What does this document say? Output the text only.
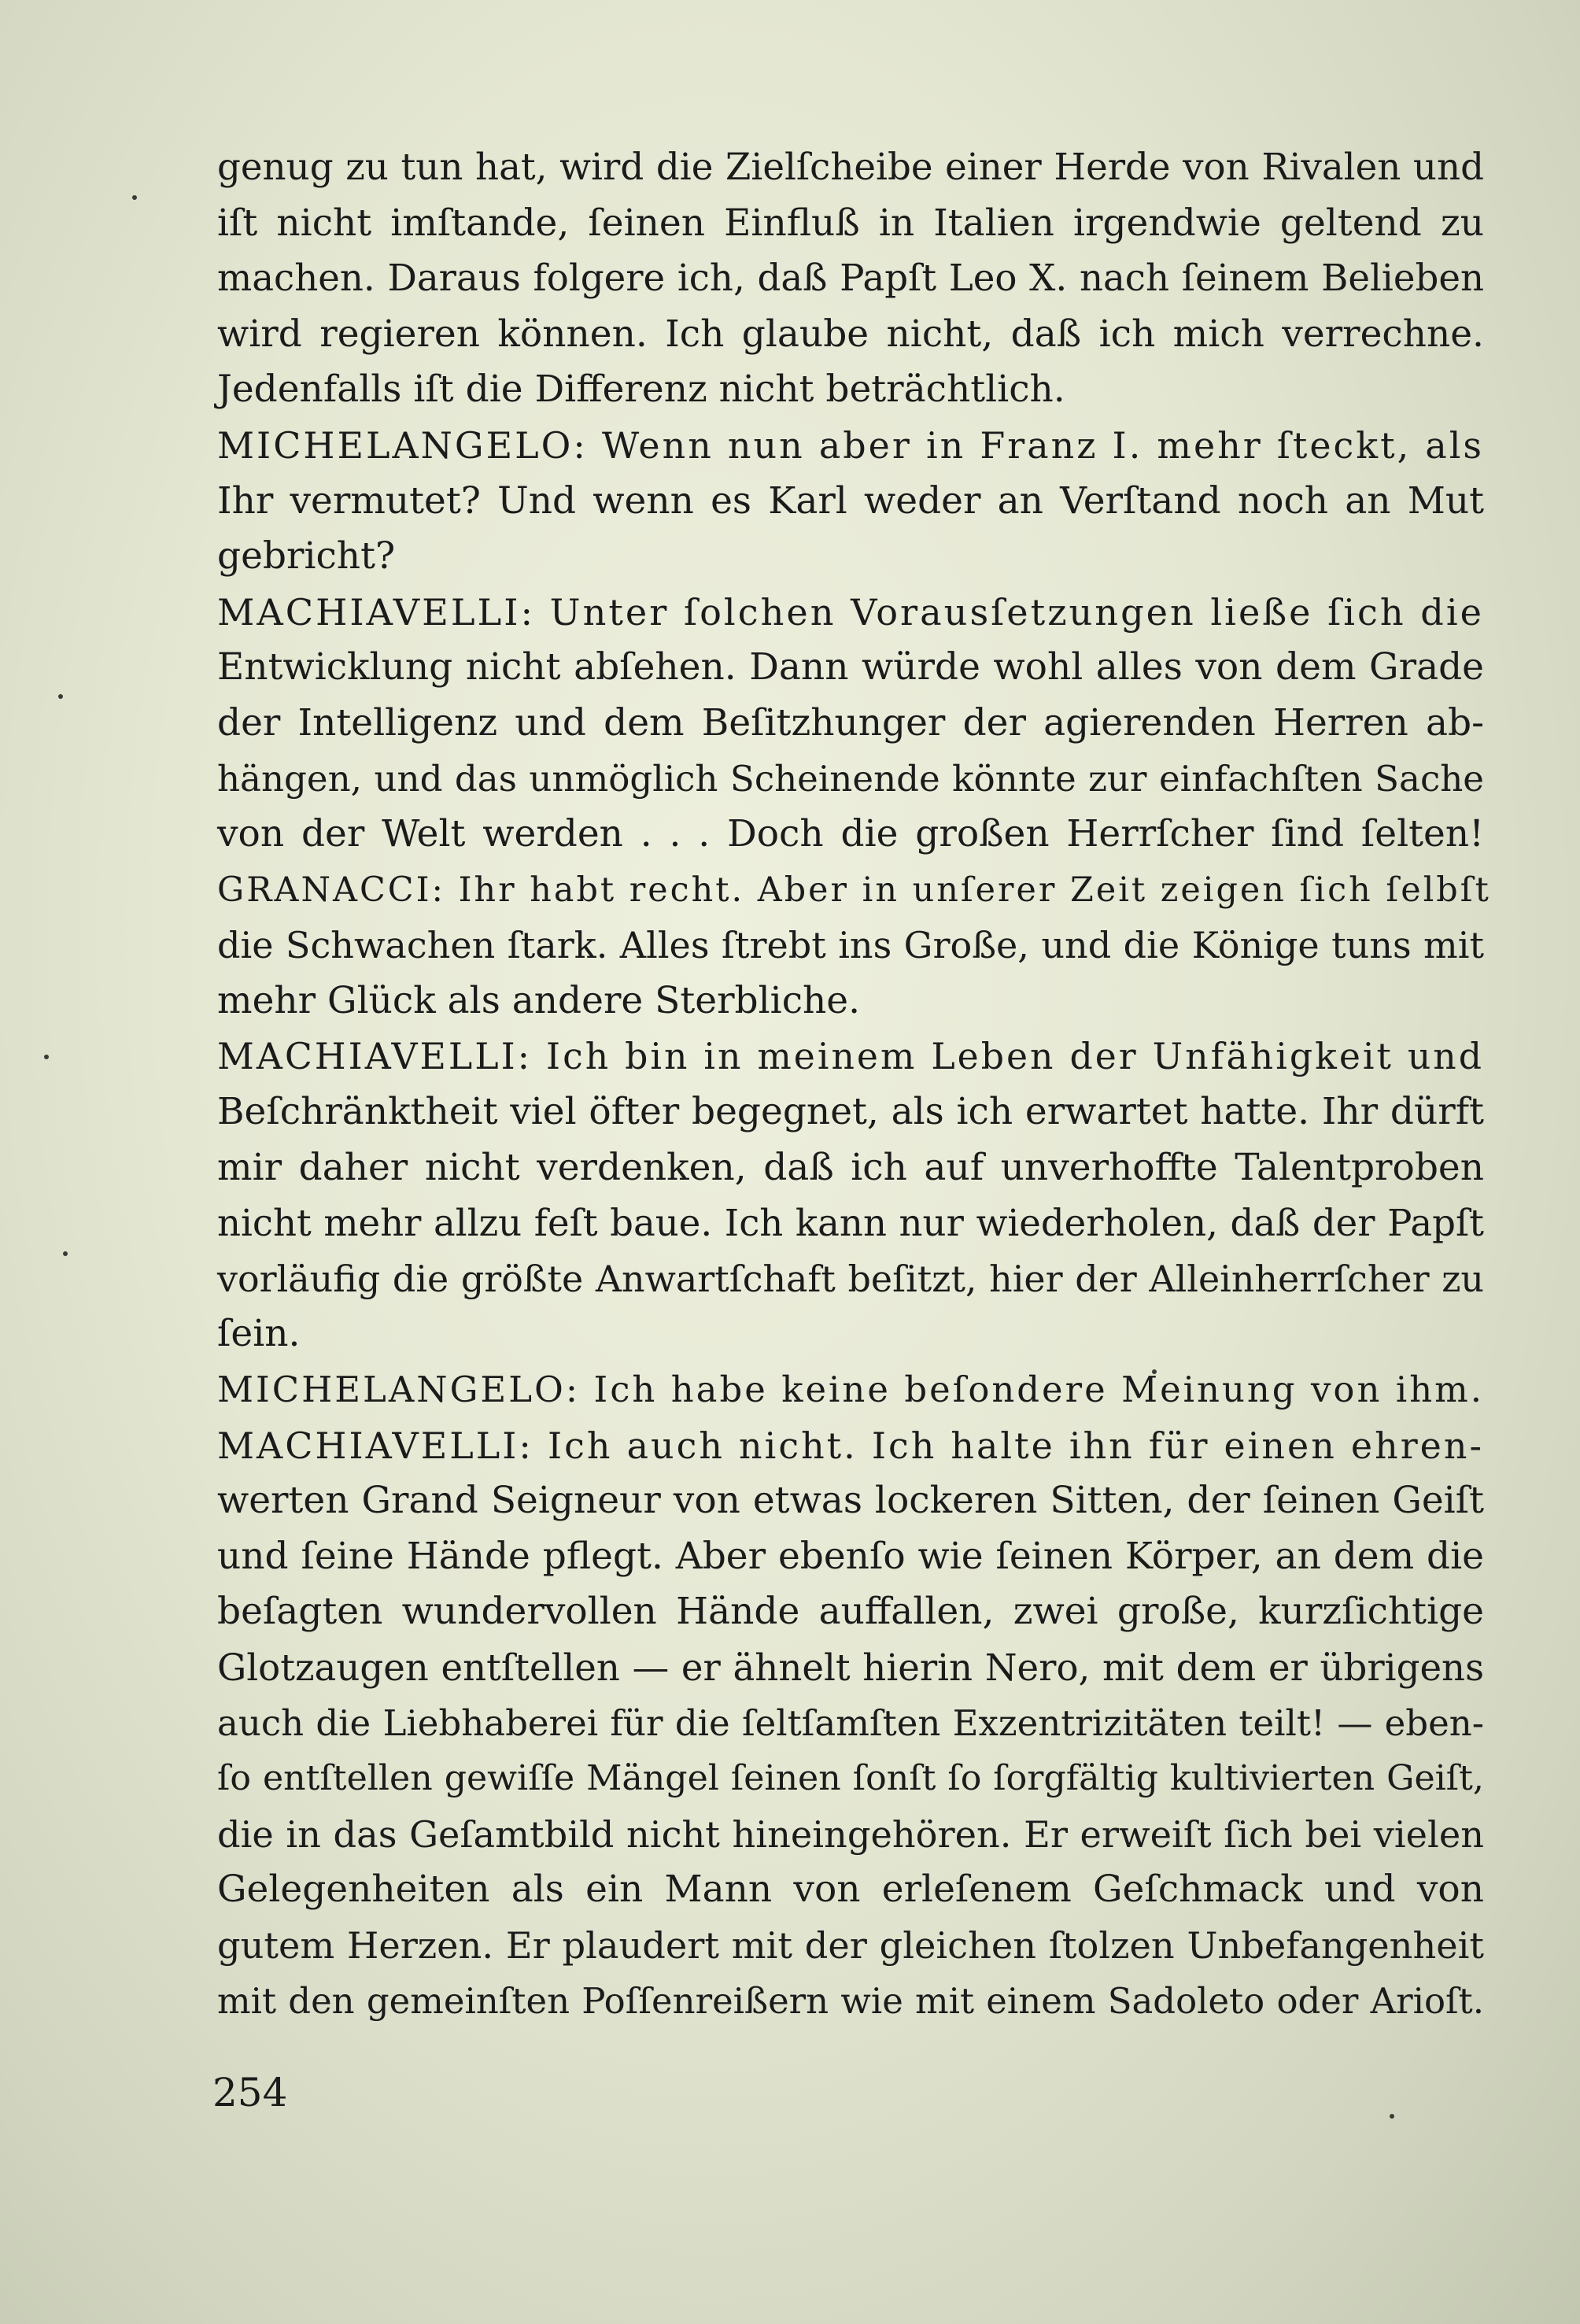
genug zu tun hat, wird die Zielſcheibe einer Herde von Rivalen und
iſt nicht imſtande, ſeinen Einfluß in Italien irgendwie geltend zu
machen. Daraus folgere ich, daß Papſt Leo X. nach ſeinem Belieben
wird regieren können. Ich glaube nicht, daß ich mich verrechne.
Jedenfalls iſt die Differenz nicht beträchtlich.
MICHELANGELO: Wenn nun aber in Franz I. mehr ſteckt, als
Ihr vermutet? Und wenn es Karl weder an Verſtand noch an Mut
gebricht?
MACHIAVELLI: Unter ſolchen Vorausſetzungen ließe ſich die
Entwicklung nicht abſehen. Dann würde wohl alles von dem Grade
der Intelligenz und dem Beſitzhunger der agierenden Herren ab-
hängen, und das unmöglich Scheinende könnte zur einfachſten Sache
von der Welt werden . . . Doch die großen Herrſcher ſind ſelten!
GRANACCI: Ihr habt recht. Aber in unſerer Zeit zeigen ſich ſelbſt
die Schwachen ſtark. Alles ſtrebt ins Große, und die Könige tuns mit
mehr Glück als andere Sterbliche.
MACHIAVELLI: Ich bin in meinem Leben der Unfähigkeit und
Beſchränktheit viel öfter begegnet, als ich erwartet hatte. Ihr dürft
mir daher nicht verdenken, daß ich auf unverhoffte Talentproben
nicht mehr allzu feſt baue. Ich kann nur wiederholen, daß der Papſt
vorläufig die größte Anwartſchaft beſitzt, hier der Alleinherrſcher zu
ſein.
MICHELANGELO: Ich habe keine beſondere Meinung von ihm.
MACHIAVELLI: Ich auch nicht. Ich halte ihn für einen ehren-
werten Grand Seigneur von etwas lockeren Sitten, der ſeinen Geiſt
und ſeine Hände pflegt. Aber ebenſo wie ſeinen Körper, an dem die
beſagten wundervollen Hände auffallen, zwei große, kurzſichtige
Glotzaugen entſtellen — er ähnelt hierin Nero, mit dem er übrigens
auch die Liebhaberei für die ſeltſamſten Exzentrizitäten teilt! — eben-
ſo entſtellen gewiſſe Mängel ſeinen ſonſt ſo ſorgfältig kultivierten Geiſt,
die in das Geſamtbild nicht hineingehören. Er erweiſt ſich bei vielen
Gelegenheiten als ein Mann von erleſenem Geſchmack und von
gutem Herzen. Er plaudert mit der gleichen ſtolzen Unbefangenheit
mit den gemeinſten Poſſenreißern wie mit einem Sadoleto oder Arioſt.
254
